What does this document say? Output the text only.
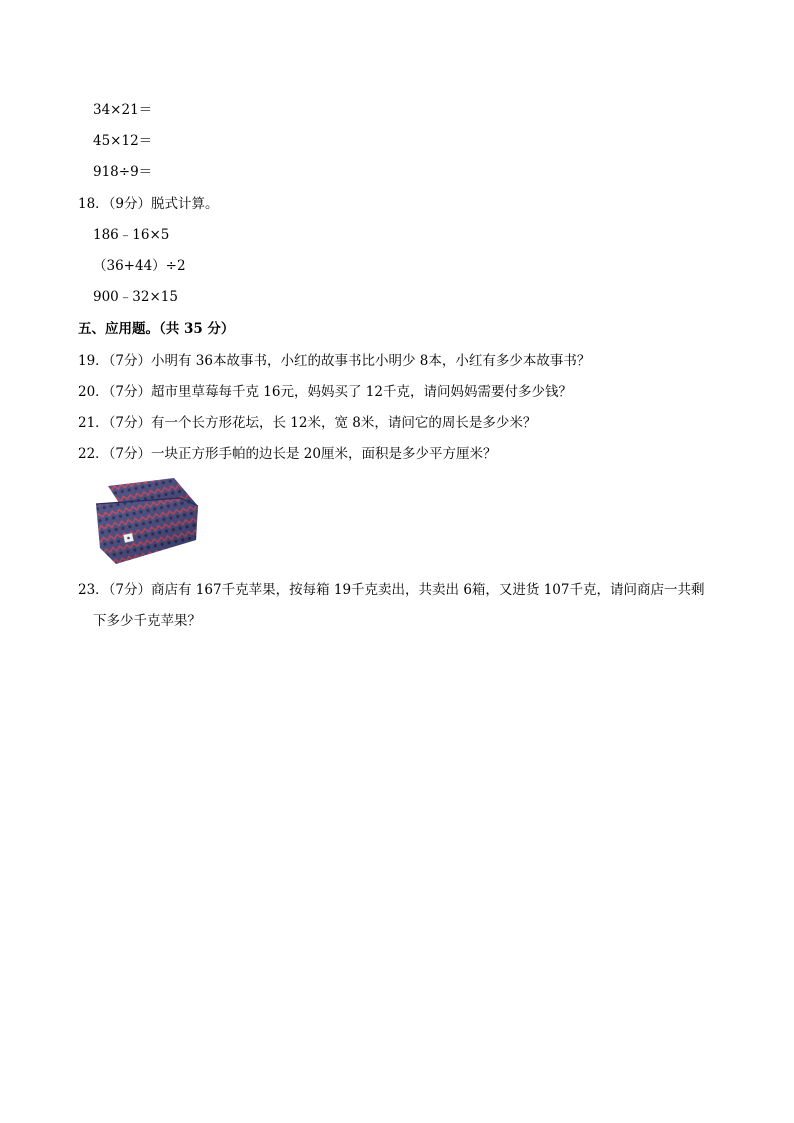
34×21＝
45×12＝
918÷9＝
18．（9分）脱式计算。
186﹣16×5
（36+44）÷2
900﹣32×15
五、应用题。（共 35 分）
19．（7分）小明有 36本故事书，小红的故事书比小明少 8本，小红有多少本故事书？
20．（7分）超市里草莓每千克 16元，妈妈买了 12千克，请问妈妈需要付多少钱？
21．（7分）有一个长方形花坛，长 12米，宽 8米，请问它的周长是多少米？
22．（7分）一块正方形手帕的边长是 20厘米，面积是多少平方厘米？
23．（7分）商店有 167千克苹果，按每箱 19千克卖出，共卖出 6箱，又进货 107千克，请问商店一共剩
下多少千克苹果？
